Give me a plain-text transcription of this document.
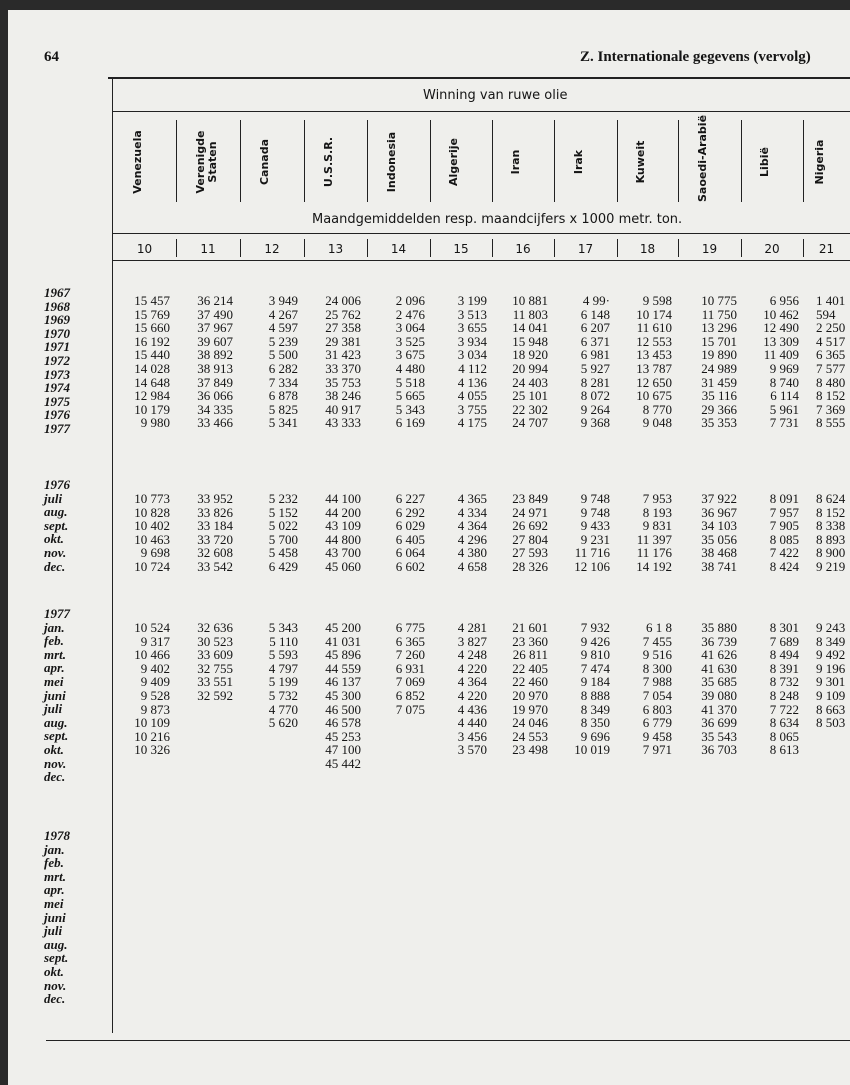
64	Z. Internationale gegevens (vervolg)
Winning van ruwe olie
Maandgemiddelden resp. maandcijfers x 1000 metr. ton.
Venezuela
10
Verenigde
Staten
11
Canada
12
U.S.S.R.
13
Indonesia
14
Algerije
15
Iran
16
Irak
17
Kuweit
18
Saoedi-Arabië
19
Libië
20
Nigeria
21
1967
1968
1969
1970
1971
1972
1973
1974
1975
1976
1977
1976
juli
aug.
sept.
okt.
nov.
dec.
1977
jan.
feb.
mrt.
apr.
mei
juni
juli
aug.
sept.
okt.
nov.
dec.
1978
jan.
feb.
mrt.
apr.
mei
juni
juli
aug.
sept.
okt.
nov.
dec.
15 457
15 769
15 660
16 192
15 440
14 028
14 648
12 984
10 179
9 980
36 214
37 490
37 967
39 607
38 892
38 913
37 849
36 066
34 335
33 466
3 949
4 267
4 597
5 239
5 500
6 282
7 334
6 878
5 825
5 341
24 006
25 762
27 358
29 381
31 423
33 370
35 753
38 246
40 917
43 333
2 096
2 476
3 064
3 525
3 675
4 480
5 518
5 665
5 343
6 169
3 199
3 513
3 655
3 934
3 034
4 112
4 136
4 055
3 755
4 175
10 881
11 803
14 041
15 948
18 920
20 994
24 403
25 101
22 302
24 707
4 99·
6 148
6 207
6 371
6 981
5 927
8 281
8 072
9 264
9 368
9 598
10 174
11 610
12 553
13 453
13 787
12 650
10 675
8 770
9 048
10 775
11 750
13 296
15 701
19 890
24 989
31 459
35 116
29 366
35 353
6 956
10 462
12 490
13 309
11 409
9 969
8 740
6 114
5 961
7 731
1 401
594
2 250
4 517
6 365
7 577
8 480
8 152
7 369
8 555
10 773
10 828
10 402
10 463
9 698
10 724
33 952
33 826
33 184
33 720
32 608
33 542
5 232
5 152
5 022
5 700
5 458
6 429
44 100
44 200
43 109
44 800
43 700
45 060
6 227
6 292
6 029
6 405
6 064
6 602
4 365
4 334
4 364
4 296
4 380
4 658
23 849
24 971
26 692
27 804
27 593
28 326
9 748
9 748
9 433
9 231
11 716
12 106
7 953
8 193
9 831
11 397
11 176
14 192
37 922
36 967
34 103
35 056
38 468
38 741
8 091
7 957
7 905
8 085
7 422
8 424
8 624
8 152
8 338
8 893
8 900
9 219
10 524
9 317
10 466
9 402
9 409
9 528
9 873
10 109
10 216
10 326
32 636
30 523
33 609
32 755
33 551
32 592
5 343
5 110
5 593
4 797
5 199
5 732
4 770
5 620
45 200
41 031
45 896
44 559
46 137
45 300
46 500
46 578
45 253
47 100
45 442
6 775
6 365
7 260
6 931
7 069
6 852
7 075
4 281
3 827
4 248
4 220
4 364
4 220
4 436
4 440
3 456
3 570
21 601
23 360
26 811
22 405
22 460
20 970
19 970
24 046
24 553
23 498
7 932
9 426
9 810
7 474
9 184
8 888
8 349
8 350
9 696
10 019
6 1 8
7 455
9 516
8 300
7 988
7 054
6 803
6 779
9 458
7 971
35 880
36 739
41 626
41 630
35 685
39 080
41 370
36 699
35 543
36 703
8 301
7 689
8 494
8 391
8 732
8 248
7 722
8 634
8 065
8 613
9 243
8 349
9 492
9 196
9 301
9 109
8 663
8 503
